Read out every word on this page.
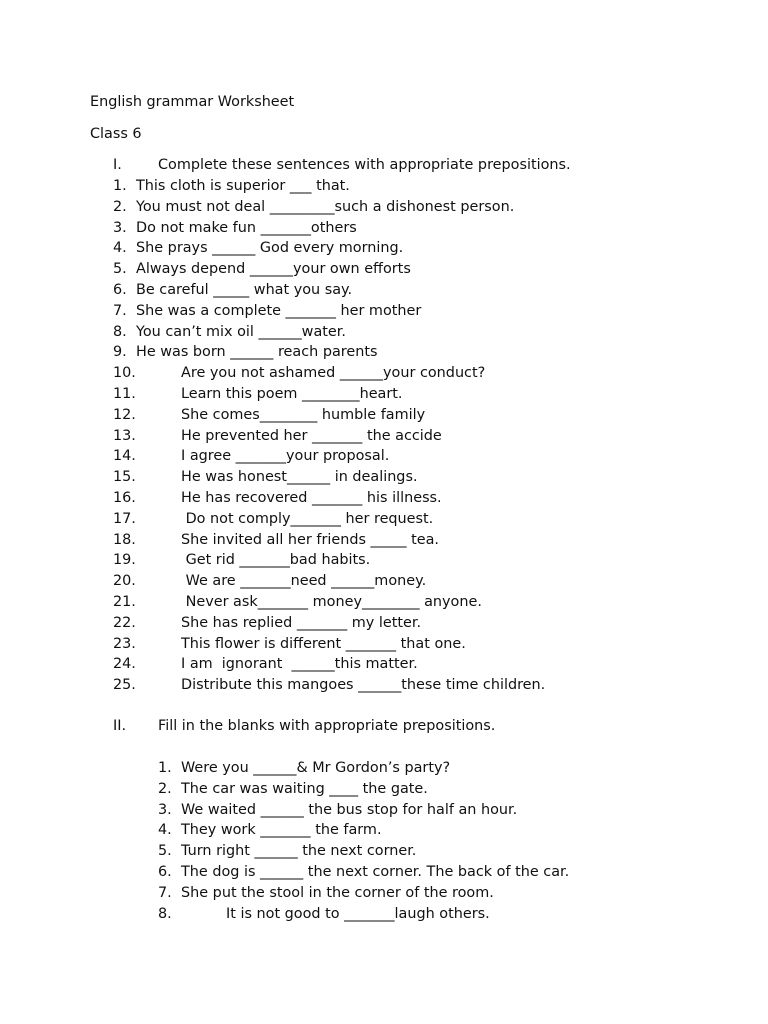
English grammar Worksheet
Class 6
I.	Complete these sentences with appropriate prepositions.
1. This cloth is superior ___ that.
2. You must not deal _________such a dishonest person.
3. Do not make fun _______others
4. She prays ______ God every morning.
5. Always depend ______your own efforts
6. Be careful _____ what you say.
7. She was a complete _______ her mother
8. You can’t mix oil ______water.
9. He was born ______ reach parents
10.	Are you not ashamed ______your conduct?
11.	Learn this poem ________heart.
12.	She comes________ humble family
13.	He prevented her _______ the accide
14.	I agree _______your proposal.
15.	He was honest______ in dealings.
16.	He has recovered _______ his illness.
17.	Do not comply_______ her request.
18.	She invited all her friends _____ tea.
19.	Get rid _______bad habits.
20.	We are _______need ______money.
21.	Never ask_______ money________ anyone.
22.	She has replied _______ my letter.
23.	This flower is different _______ that one.
24.	I am  ignorant  ______this matter.
25.	Distribute this mangoes ______these time children.
II. Fill in the blanks with appropriate prepositions.
1. Were you ______& Mr Gordon’s party?
2. The car was waiting ____ the gate.
3. We waited ______ the bus stop for half an hour.
4. They work _______ the farm.
5. Turn right ______ the next corner.
6. The dog is ______ the next corner. The back of the car.
7. She put the stool in the corner of the room.
8.	It is not good to _______laugh others.
